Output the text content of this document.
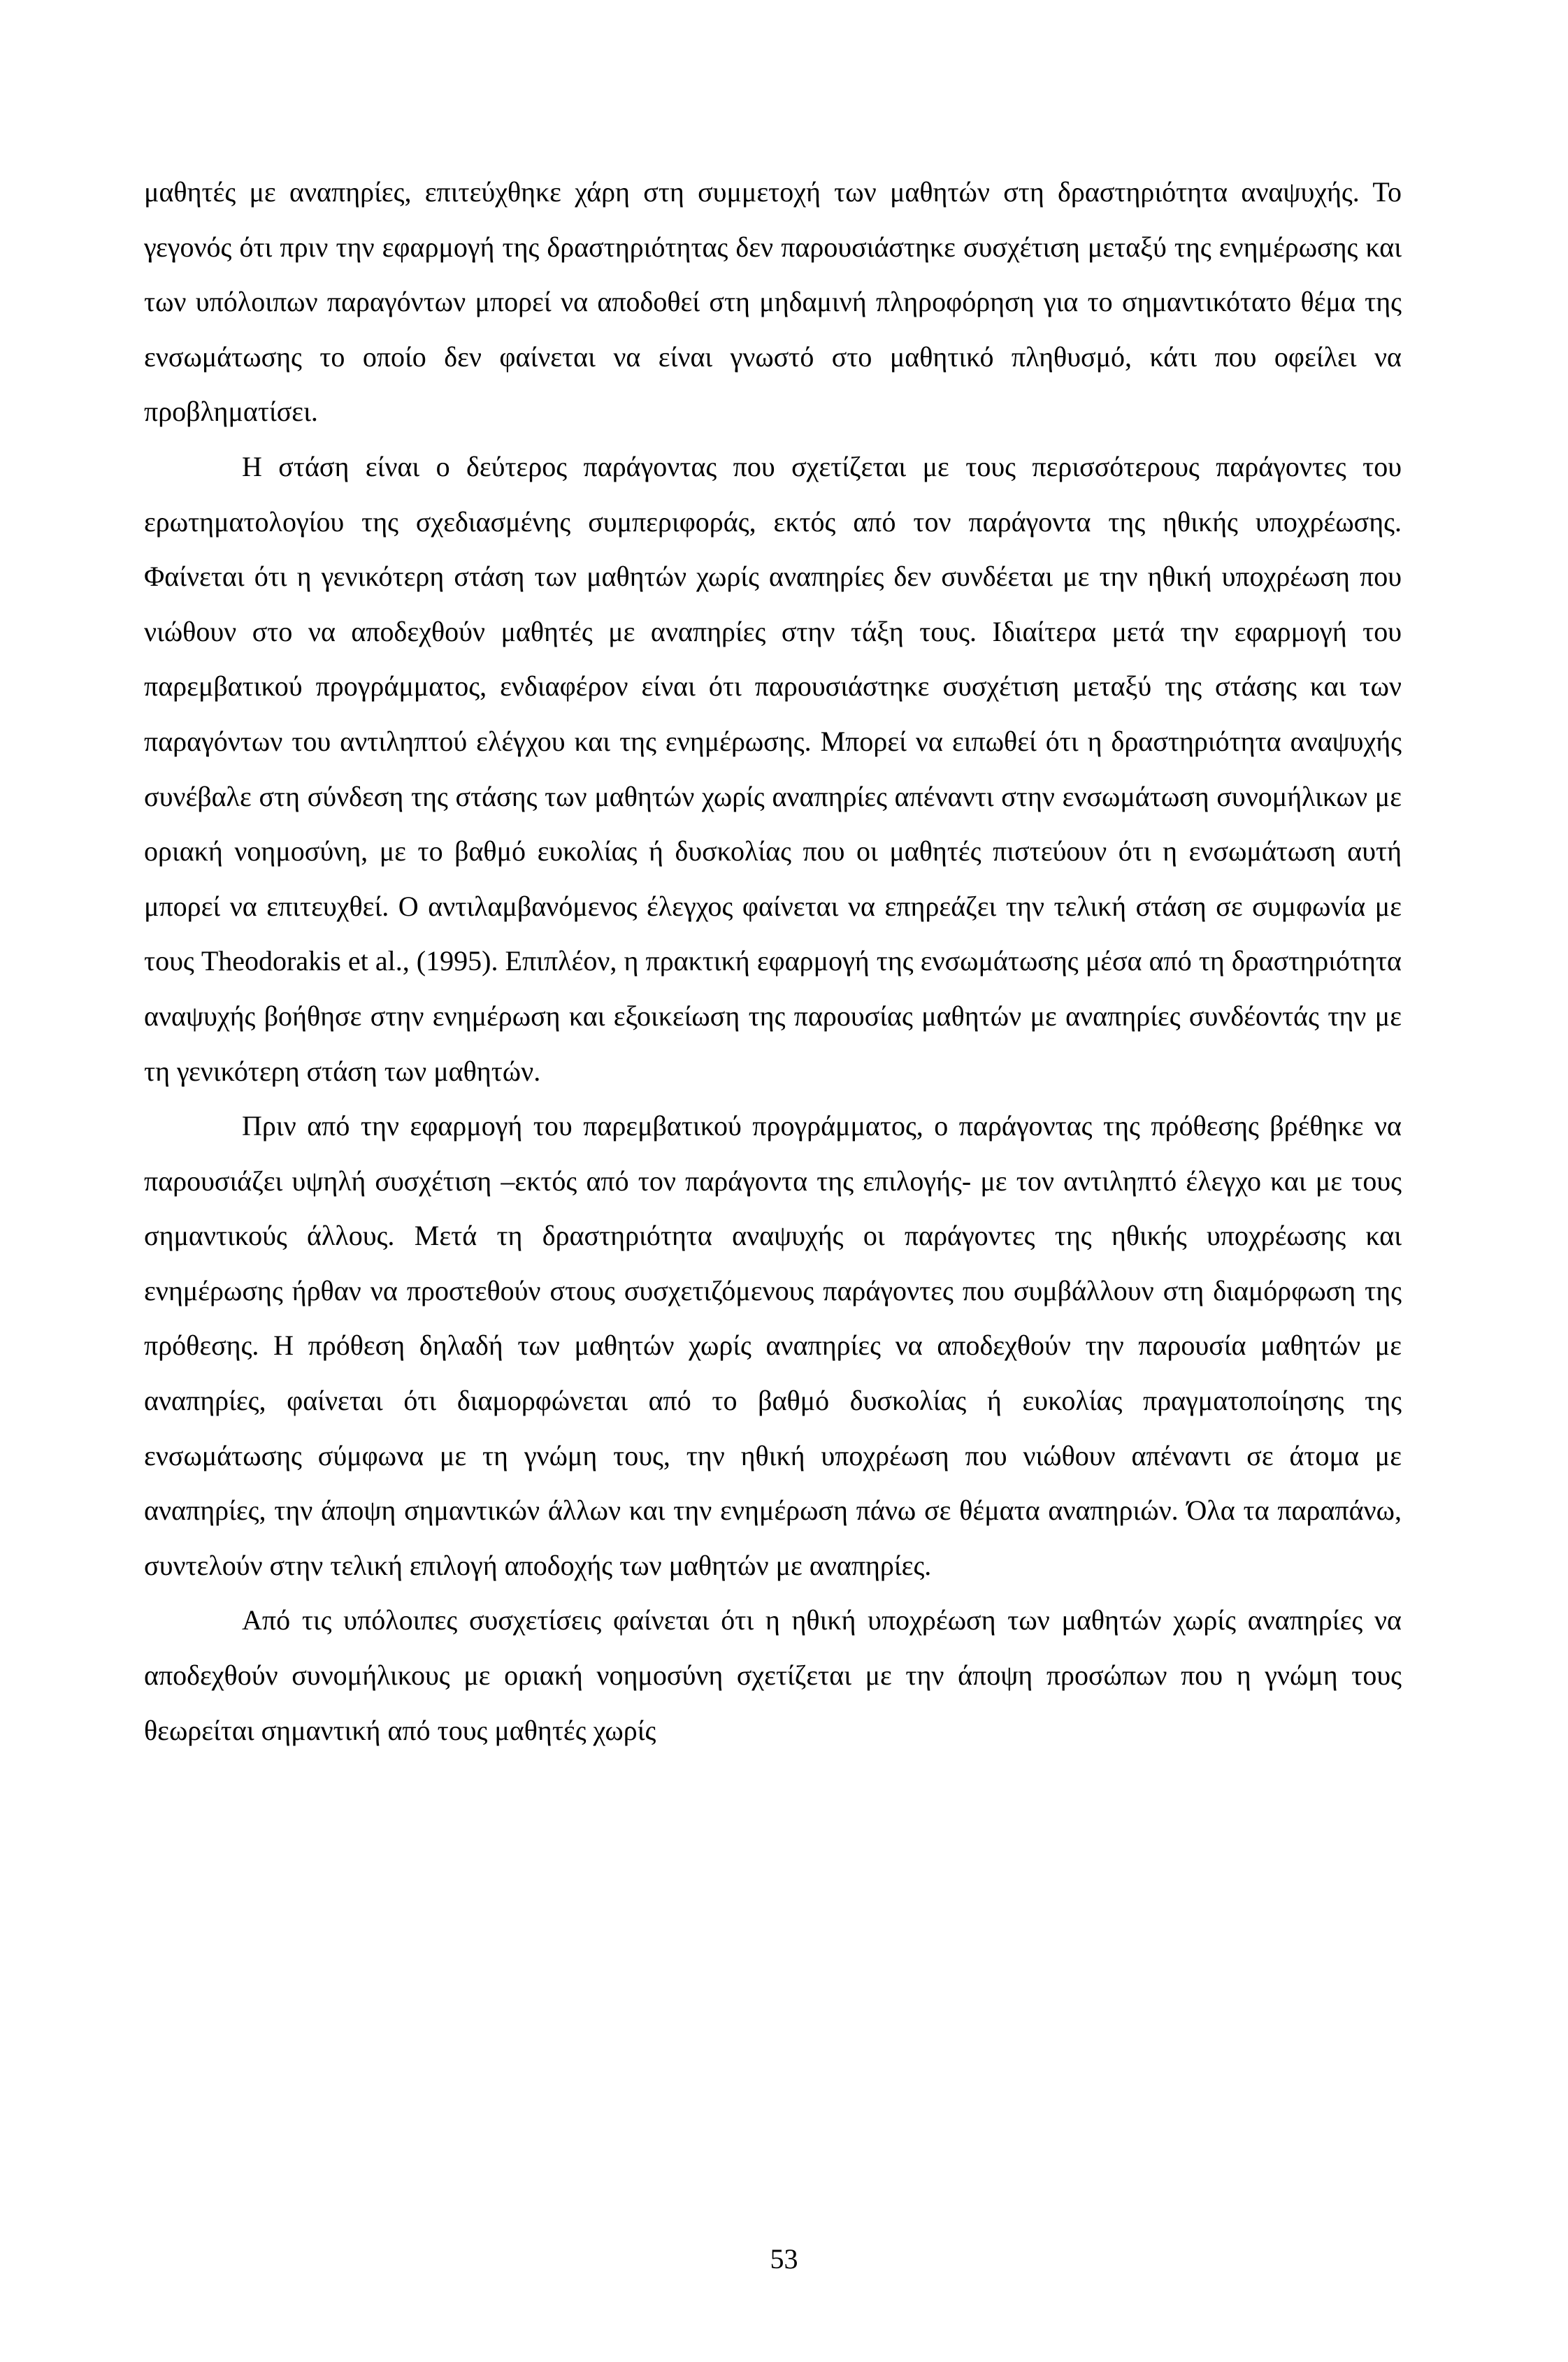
μαθητές με αναπηρίες, επιτεύχθηκε χάρη στη συμμετοχή των μαθητών στη δραστηριότητα αναψυχής. Το γεγονός ότι πριν την εφαρμογή της δραστηριότητας δεν παρουσιάστηκε συσχέτιση μεταξύ της ενημέρωσης και των υπόλοιπων παραγόντων μπορεί να αποδοθεί στη μηδαμινή πληροφόρηση για το σημαντικότατο θέμα της ενσωμάτωσης το οποίο δεν φαίνεται να είναι γνωστό στο μαθητικό πληθυσμό, κάτι που οφείλει να προβληματίσει.

Η στάση είναι ο δεύτερος παράγοντας που σχετίζεται με τους περισσότερους παράγοντες του ερωτηματολογίου της σχεδιασμένης συμπεριφοράς, εκτός από τον παράγοντα της ηθικής υποχρέωσης. Φαίνεται ότι η γενικότερη στάση των μαθητών χωρίς αναπηρίες δεν συνδέεται με την ηθική υποχρέωση που νιώθουν στο να αποδεχθούν μαθητές με αναπηρίες στην τάξη τους. Ιδιαίτερα μετά την εφαρμογή του παρεμβατικού προγράμματος, ενδιαφέρον είναι ότι παρουσιάστηκε συσχέτιση μεταξύ της στάσης και των παραγόντων του αντιληπτού ελέγχου και της ενημέρωσης. Μπορεί να ειπωθεί ότι η δραστηριότητα αναψυχής συνέβαλε στη σύνδεση της στάσης των μαθητών χωρίς αναπηρίες απέναντι στην ενσωμάτωση συνομήλικων με οριακή νοημοσύνη, με το βαθμό ευκολίας ή δυσκολίας που οι μαθητές πιστεύουν ότι η ενσωμάτωση αυτή μπορεί να επιτευχθεί. Ο αντιλαμβανόμενος έλεγχος φαίνεται να επηρεάζει την τελική στάση σε συμφωνία με τους Theodorakis et al., (1995). Επιπλέον, η πρακτική εφαρμογή της ενσωμάτωσης μέσα από τη δραστηριότητα αναψυχής βοήθησε στην ενημέρωση και εξοικείωση της παρουσίας μαθητών με αναπηρίες συνδέοντάς την με τη γενικότερη στάση των μαθητών.

Πριν από την εφαρμογή του παρεμβατικού προγράμματος, ο παράγοντας της πρόθεσης βρέθηκε να παρουσιάζει υψηλή συσχέτιση –εκτός από τον παράγοντα της επιλογής- με τον αντιληπτό έλεγχο και με τους σημαντικούς άλλους. Μετά τη δραστηριότητα αναψυχής οι παράγοντες της ηθικής υποχρέωσης και ενημέρωσης ήρθαν να προστεθούν στους συσχετιζόμενους παράγοντες που συμβάλλουν στη διαμόρφωση της πρόθεσης. Η πρόθεση δηλαδή των μαθητών χωρίς αναπηρίες να αποδεχθούν την παρουσία μαθητών με αναπηρίες, φαίνεται ότι διαμορφώνεται από το βαθμό δυσκολίας ή ευκολίας πραγματοποίησης της ενσωμάτωσης σύμφωνα με τη γνώμη τους, την ηθική υποχρέωση που νιώθουν απέναντι σε άτομα με αναπηρίες, την άποψη σημαντικών άλλων και την ενημέρωση πάνω σε θέματα αναπηριών. Όλα τα παραπάνω, συντελούν στην τελική επιλογή αποδοχής των μαθητών με αναπηρίες.

Από τις υπόλοιπες συσχετίσεις φαίνεται ότι η ηθική υποχρέωση των μαθητών χωρίς αναπηρίες να αποδεχθούν συνομήλικους με οριακή νοημοσύνη σχετίζεται με την άποψη προσώπων που η γνώμη τους θεωρείται σημαντική από τους μαθητές χωρίς

53
